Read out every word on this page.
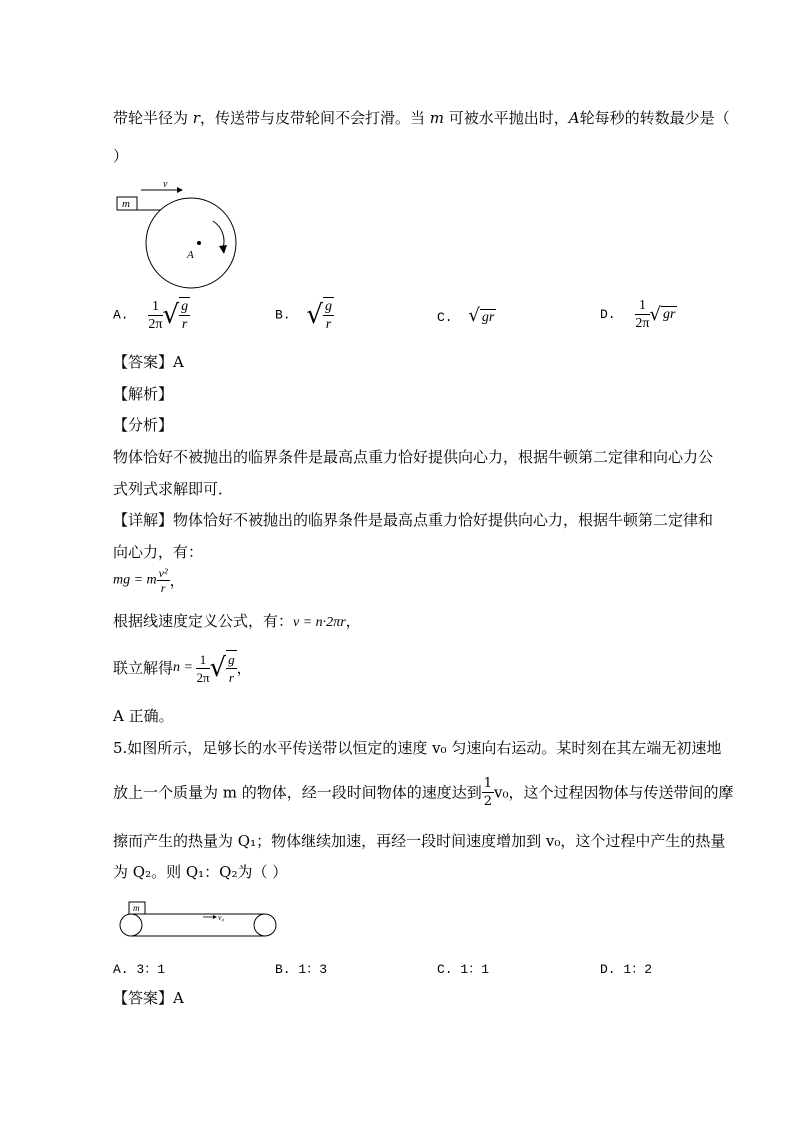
带轮半径为 r，传送带与皮带轮间不会打滑。当 m 可被水平抛出时，A轮每秒的转数最少是（
）
m
v
A
A. $\frac{1}{2\pi}$ √ $\frac{g}{r}$	B. √ $\frac{g}{r}$	C. √ gr	D. $\frac{1}{2\pi}$ √ gr
【答案】A
【解析】
【分析】
物体恰好不被抛出的临界条件是最高点重力恰好提供向心力，根据牛顿第二定律和向心力公
式列式求解即可．
【详解】物体恰好不被抛出的临界条件是最高点重力恰好提供向心力，根据牛顿第二定律和
向心力，有：
mg = m $\frac{\text{v²}}{r}$ ，
根据线速度定义公式，有：v = n·2πr，
联立解得$n = \frac{1}{2\pi}$ √ $\frac{g}{r}$ ，
A 正确。
5.如图所示，足够长的水平传送带以恒定的速度 v₀ 匀速向右运动。某时刻在其左端无初速地
放上一个质量为 m 的物体，经一段时间物体的速度达到 $\frac{1}{2} v_0$，这个过程因物体与传送带间的摩
擦而产生的热量为 Q₁；物体继续加速，再经一段时间速度增加到 v₀，这个过程中产生的热量
为 Q₂。则 Q₁：Q₂为（ ）
m
v₀
A. 3：1	B. 1：3	C. 1：1	D. 1：2
【答案】A
